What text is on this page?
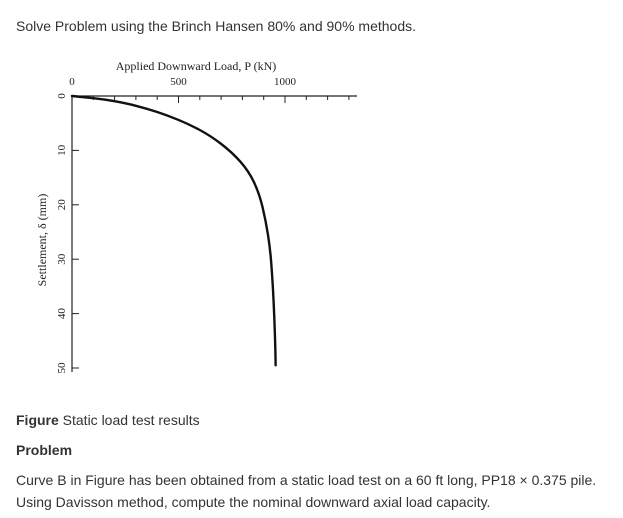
Solve Problem using the Brinch Hansen 80% and 90% methods.
0	500	1000
0
10
20
30
40
50
Applied Downward Load, P (kN)
Settlement, δ (mm)
Figure Static load test results
Problem
Curve B in Figure has been obtained from a static load test on a 60 ft long, PP18 × 0.375 pile. Using Davisson method, compute the nominal downward axial load capacity.
